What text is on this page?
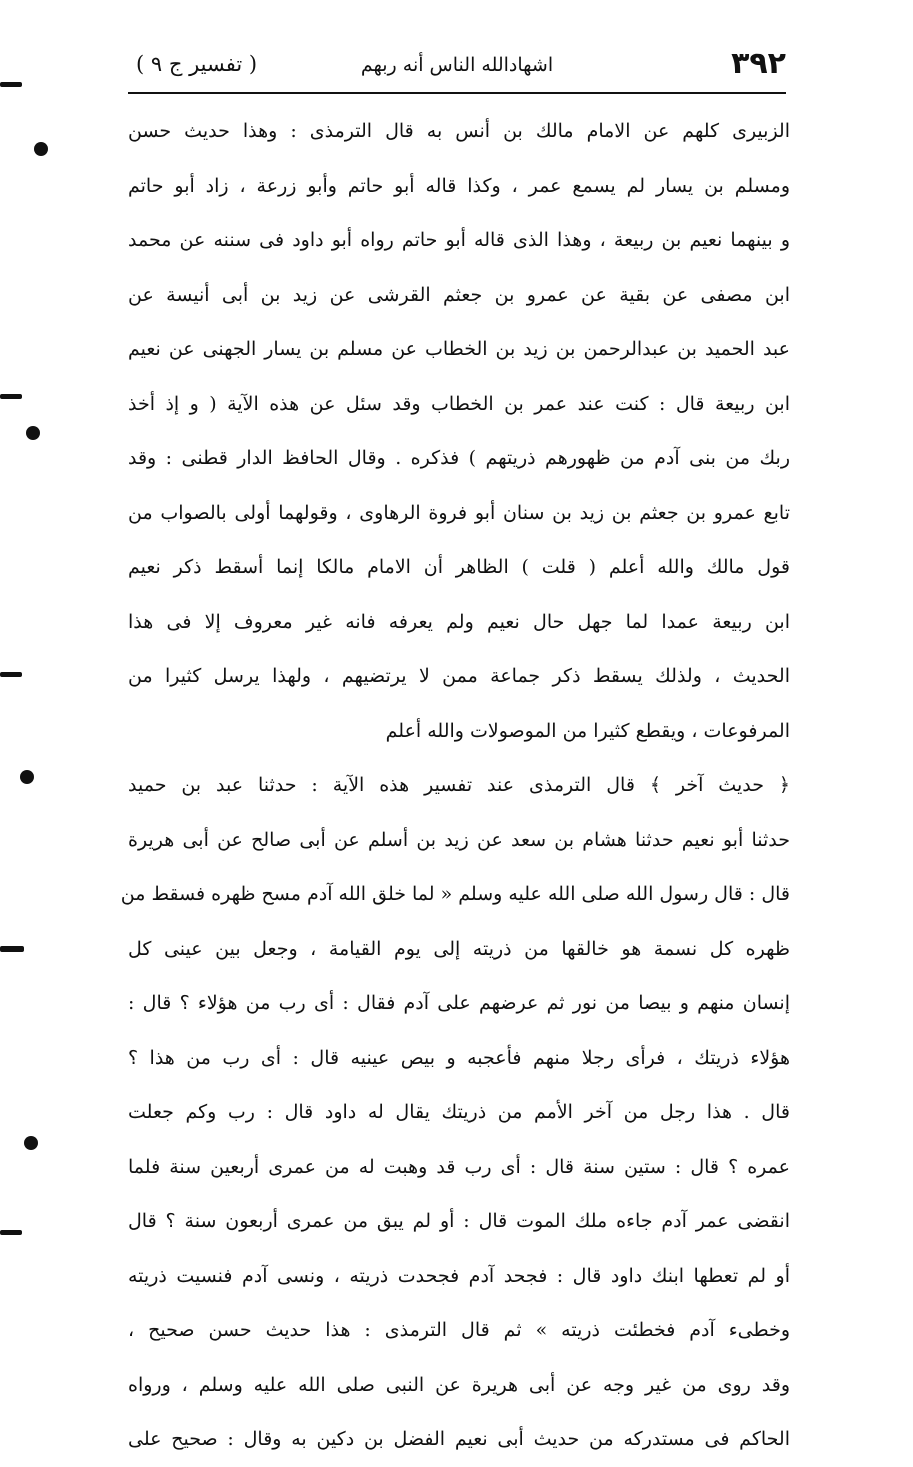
٣٩٢
اشهادالله الناس أنه ربهم
( تفسير ج ٩ )
الزبيرى كلهم عن الامام مالك بن أنس به قال الترمذى : وهذا حديث حسن
ومسلم بن يسار لم يسمع عمر ، وكذا قاله أبو حاتم وأبو زرعة ، زاد أبو حاتم
و بينهما نعيم بن ربيعة ، وهذا الذى قاله أبو حاتم رواه أبو داود فى سننه عن محمد
ابن مصفى عن بقية عن عمرو بن جعثم القرشى عن زيد بن أبى أنيسة عن
عبد الحميد بن عبدالرحمن بن زيد بن الخطاب عن مسلم بن يسار الجهنى عن نعيم
ابن ربيعة قال : كنت عند عمر بن الخطاب وقد سئل عن هذه الآية ( و إذ أخذ
ربك من بنى آدم من ظهورهم ذريتهم ) فذكره . وقال الحافظ الدار قطنى : وقد
تابع عمرو بن جعثم بن زيد بن سنان أبو فروة الرهاوى ، وقولهما أولى بالصواب من
قول مالك والله أعلم ( قلت ) الظاهر أن الامام مالكا إنما أسقط ذكر نعيم
ابن ربيعة عمدا لما جهل حال نعيم ولم يعرفه فانه غير معروف إلا فى هذا
الحديث ، ولذلك يسقط ذكر جماعة ممن لا يرتضيهم ، ولهذا يرسل كثيرا من
المرفوعات ، ويقطع كثيرا من الموصولات والله أعلم
﴿ حديث آخر ﴾ قال الترمذى عند تفسير هذه الآية : حدثنا عبد بن حميد
حدثنا أبو نعيم حدثنا هشام بن سعد عن زيد بن أسلم عن أبى صالح عن أبى هريرة
قال : قال رسول الله صلى الله عليه وسلم « لما خلق الله آدم مسح ظهره فسقط من
ظهره كل نسمة هو خالقها من ذريته إلى يوم القيامة ، وجعل بين عينى كل
إنسان منهم و بيصا من نور ثم عرضهم على آدم فقال : أى رب من هؤلاء ؟ قال :
هؤلاء ذريتك ، فرأى رجلا منهم فأعجبه و بيص عينيه قال : أى رب من هذا ؟
قال . هذا رجل من آخر الأمم من ذريتك يقال له داود قال : رب وكم جعلت
عمره ؟ قال : ستين سنة قال : أى رب قد وهبت له من عمرى أربعين سنة فلما
انقضى عمر آدم جاءه ملك الموت قال : أو لم يبق من عمرى أربعون سنة ؟ قال
أو لم تعطها ابنك داود قال : فجحد آدم فجحدت ذريته ، ونسى آدم فنسيت ذريته
وخطىء آدم فخطئت ذريته » ثم قال الترمذى : هذا حديث حسن صحيح ،
وقد روى من غير وجه عن أبى هريرة عن النبى صلى الله عليه وسلم ، ورواه
الحاكم فى مستدركه من حديث أبى نعيم الفضل بن دكين به وقال : صحيح على
